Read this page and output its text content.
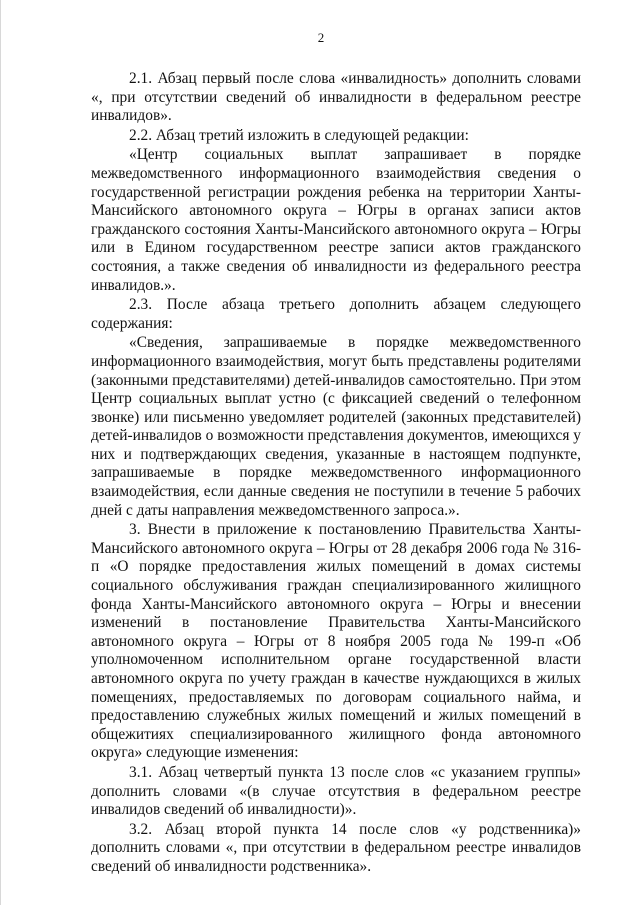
2

2.1. Абзац первый после слова «инвалидность» дополнить словами «, при отсутствии сведений об инвалидности в федеральном реестре инвалидов».

2.2. Абзац третий изложить в следующей редакции:

«Центр социальных выплат запрашивает в порядке межведомственного информационного взаимодействия сведения о государственной регистрации рождения ребенка на территории Ханты-Мансийского автономного округа – Югры в органах записи актов гражданского состояния Ханты-Мансийского автономного округа – Югры или в Едином государственном реестре записи актов гражданского состояния, а также сведения об инвалидности из федерального реестра инвалидов.».

2.3. После абзаца третьего дополнить абзацем следующего содержания:

«Сведения, запрашиваемые в порядке межведомственного информационного взаимодействия, могут быть представлены родителями (законными представителями) детей-инвалидов самостоятельно. При этом Центр социальных выплат устно (с фиксацией сведений о телефонном звонке) или письменно уведомляет родителей (законных представителей) детей-инвалидов о возможности представления документов, имеющихся у них и подтверждающих сведения, указанные в настоящем подпункте, запрашиваемые в порядке межведомственного информационного взаимодействия, если данные сведения не поступили в течение 5 рабочих дней с даты направления межведомственного запроса.».

3. Внести в приложение к постановлению Правительства Ханты-Мансийского автономного округа – Югры от 28 декабря 2006 года № 316-п «О порядке предоставления жилых помещений в домах системы социального обслуживания граждан специализированного жилищного фонда Ханты-Мансийского автономного округа – Югры и внесении изменений в постановление Правительства Ханты-Мансийского автономного округа – Югры от 8 ноября 2005 года № 199-п «Об уполномоченном исполнительном органе государственной власти автономного округа по учету граждан в качестве нуждающихся в жилых помещениях, предоставляемых по договорам социального найма, и предоставлению служебных жилых помещений и жилых помещений в общежитиях специализированного жилищного фонда автономного округа» следующие изменения:

3.1. Абзац четвертый пункта 13 после слов «с указанием группы» дополнить словами «(в случае отсутствия в федеральном реестре инвалидов сведений об инвалидности)».

3.2. Абзац второй пункта 14 после слов «у родственника)» дополнить словами «, при отсутствии в федеральном реестре инвалидов сведений об инвалидности родственника».
